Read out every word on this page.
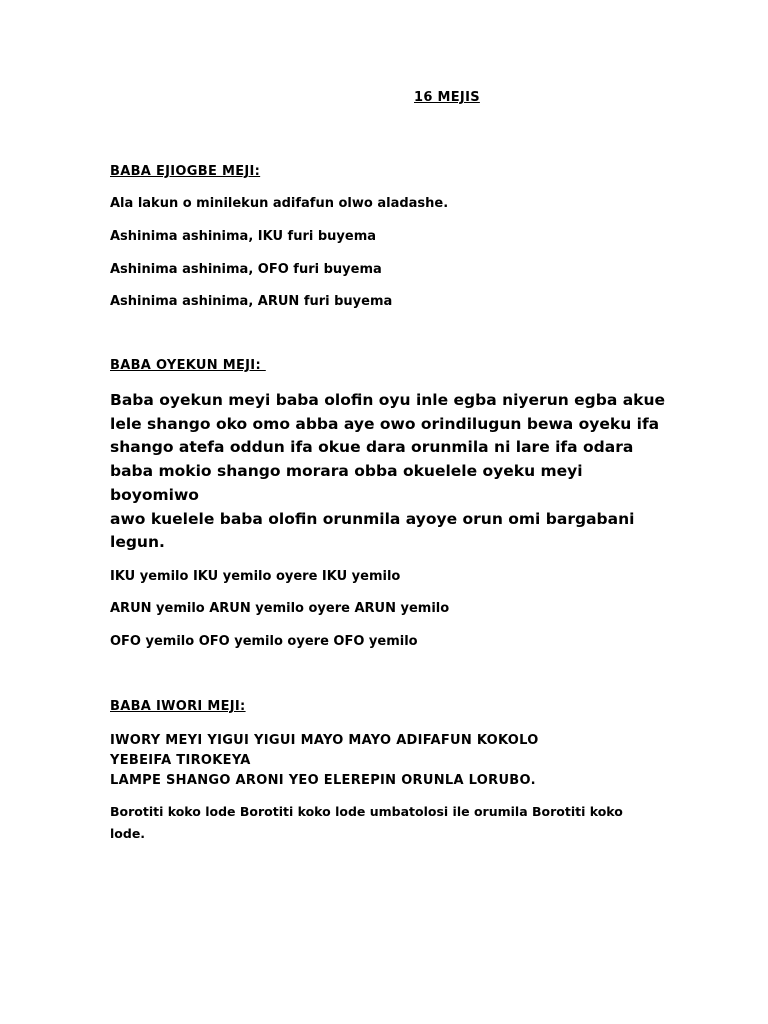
16 MEJIS

BABA EJIOGBE MEJI:

Ala lakun o minilekun adifafun olwo aladashe.

Ashinima ashinima, IKU furi buyema

Ashinima ashinima, OFO furi buyema

Ashinima ashinima, ARUN furi buyema

BABA OYEKUN MEJI:

Baba oyekun meyi baba olofin oyu inle egba niyerun egba akue

lele shango oko omo abba aye owo orindilugun bewa oyeku ifa

shango atefa oddun ifa okue dara orunmila ni lare ifa odara

baba mokio shango morara obba okuelele oyeku meyi

boyomiwo

awo kuelele baba olofin orunmila ayoye orun omi bargabani

legun.

IKU yemilo IKU yemilo oyere IKU yemilo

ARUN yemilo ARUN yemilo oyere ARUN yemilo

OFO yemilo OFO yemilo oyere OFO yemilo

BABA IWORI MEJI:

IWORY MEYI YIGUI YIGUI MAYO MAYO ADIFAFUN KOKOLO

YEBEIFA TIROKEYA

LAMPE SHANGO ARONI YEO ELEREPIN ORUNLA LORUBO.

Borotiti koko lode Borotiti koko lode umbatolosi ile orumila Borotiti koko lode.
